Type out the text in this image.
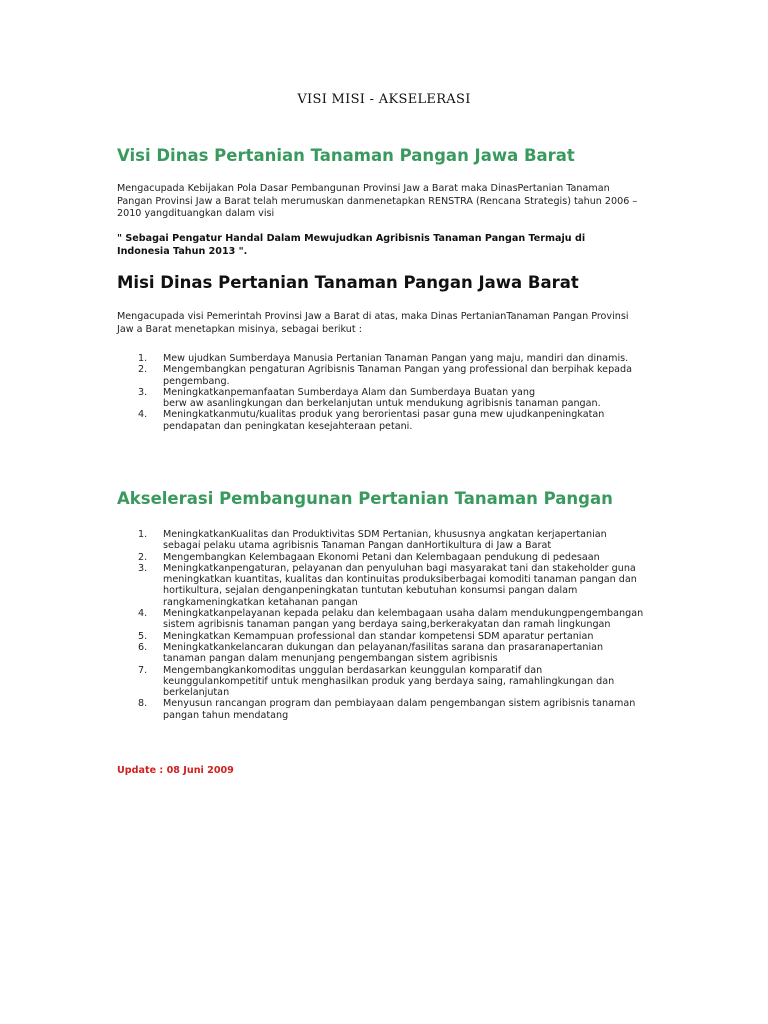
VISI MISI - AKSELERASI
Visi Dinas Pertanian Tanaman Pangan Jawa Barat
Mengacupada Kebijakan Pola Dasar Pembangunan Provinsi Jaw a Barat maka DinasPertanian Tanaman
Pangan Provinsi Jaw a Barat telah merumuskan danmenetapkan RENSTRA (Rencana Strategis) tahun 2006 –
2010 yangdituangkan dalam visi
" Sebagai Pengatur Handal Dalam Mewujudkan Agribisnis Tanaman Pangan Termaju di
Indonesia Tahun 2013 ".
Misi Dinas Pertanian Tanaman Pangan Jawa Barat
Mengacupada visi Pemerintah Provinsi Jaw a Barat di atas, maka Dinas PertanianTanaman Pangan Provinsi
Jaw a Barat menetapkan misinya, sebagai berikut :
1.	Mew ujudkan Sumberdaya Manusia Pertanian Tanaman Pangan yang maju, mandiri dan dinamis.
2.	Mengembangkan pengaturan Agribisnis Tanaman Pangan yang professional dan berpihak kepada
pengembang.
3.	Meningkatkanpemanfaatan Sumberdaya Alam dan Sumberdaya Buatan yang
berw aw asanlingkungan dan berkelanjutan untuk mendukung agribisnis tanaman pangan.
4.	Meningkatkanmutu/kualitas produk yang berorientasi pasar guna mew ujudkanpeningkatan
pendapatan dan peningkatan kesejahteraan petani.
Akselerasi Pembangunan Pertanian Tanaman Pangan
1.	MeningkatkanKualitas dan Produktivitas SDM Pertanian, khususnya angkatan kerjapertanian
sebagai pelaku utama agribisnis Tanaman Pangan danHortikultura di Jaw a Barat
2.	Mengembangkan Kelembagaan Ekonomi Petani dan Kelembagaan pendukung di pedesaan
3.	Meningkatkanpengaturan, pelayanan dan penyuluhan bagi masyarakat tani dan stakeholder guna
meningkatkan kuantitas, kualitas dan kontinuitas produksiberbagai komoditi tanaman pangan dan
hortikultura, sejalan denganpeningkatan tuntutan kebutuhan konsumsi pangan dalam
rangkameningkatkan ketahanan pangan
4.	Meningkatkanpelayanan kepada pelaku dan kelembagaan usaha dalam mendukungpengembangan
sistem agribisnis tanaman pangan yang berdaya saing,berkerakyatan dan ramah lingkungan
5.	Meningkatkan Kemampuan professional dan standar kompetensi SDM aparatur pertanian
6.	Meningkatkankelancaran dukungan dan pelayanan/fasilitas sarana dan prasaranapertanian
tanaman pangan dalam menunjang pengembangan sistem agribisnis
7.	Mengembangkankomoditas unggulan berdasarkan keunggulan komparatif dan
keunggulankompetitif untuk menghasilkan produk yang berdaya saing, ramahlingkungan dan
berkelanjutan
8.	Menyusun rancangan program dan pembiayaan dalam pengembangan sistem agribisnis tanaman
pangan tahun mendatang
Update : 08 Juni 2009
